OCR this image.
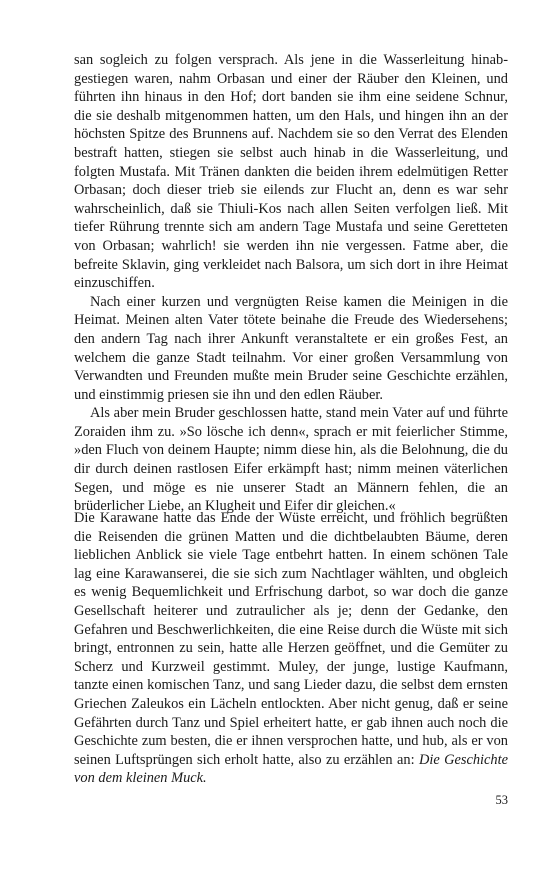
san sogleich zu folgen versprach. Als jene in die Wasserleitung hinabgestiegen waren, nahm Orbasan und einer der Räuber den Kleinen, und führten ihn hinaus in den Hof; dort banden sie ihm eine seidene Schnur, die sie deshalb mitgenommen hatten, um den Hals, und hingen ihn an der höchsten Spitze des Brunnens auf. Nachdem sie so den Verrat des Elenden bestraft hatten, stiegen sie selbst auch hinab in die Wasserleitung, und folgten Mustafa. Mit Tränen dankten die beiden ihrem edelmütigen Retter Orbasan; doch dieser trieb sie eilends zur Flucht an, denn es war sehr wahrscheinlich, daß sie Thiuli-Kos nach allen Seiten verfolgen ließ. Mit tiefer Rührung trennte sich am andern Tage Mustafa und seine Geretteten von Orbasan; wahrlich! sie werden ihn nie vergessen. Fatme aber, die befreite Sklavin, ging verkleidet nach Balsora, um sich dort in ihre Heimat einzuschiffen.

Nach einer kurzen und vergnügten Reise kamen die Meinigen in die Heimat. Meinen alten Vater tötete beinahe die Freude des Wiedersehens; den andern Tag nach ihrer Ankunft veranstaltete er ein großes Fest, an welchem die ganze Stadt teilnahm. Vor einer großen Versammlung von Verwandten und Freunden mußte mein Bruder seine Geschichte erzählen, und einstimmig priesen sie ihn und den edlen Räuber.

Als aber mein Bruder geschlossen hatte, stand mein Vater auf und führte Zoraiden ihm zu. »So lösche ich denn«, sprach er mit feierlicher Stimme, »den Fluch von deinem Haupte; nimm diese hin, als die Belohnung, die du dir durch deinen rastlosen Eifer erkämpft hast; nimm meinen väterlichen Segen, und möge es nie unserer Stadt an Männern fehlen, die an brüderlicher Liebe, an Klugheit und Eifer dir gleichen.«

Die Karawane hatte das Ende der Wüste erreicht, und fröhlich begrüßten die Reisenden die grünen Matten und die dichtbelaubten Bäume, deren lieblichen Anblick sie viele Tage entbehrt hatten. In einem schönen Tale lag eine Karawanserei, die sie sich zum Nachtlager wählten, und obgleich es wenig Bequemlichkeit und Erfrischung darbot, so war doch die ganze Gesellschaft heiterer und zutraulicher als je; denn der Gedanke, den Gefahren und Beschwerlichkeiten, die eine Reise durch die Wüste mit sich bringt, entronnen zu sein, hatte alle Herzen geöffnet, und die Gemüter zu Scherz und Kurzweil gestimmt. Muley, der junge, lustige Kaufmann, tanzte einen komischen Tanz, und sang Lieder dazu, die selbst dem ernsten Griechen Zaleukos ein Lächeln entlockten. Aber nicht genug, daß er seine Gefährten durch Tanz und Spiel erheitert hatte, er gab ihnen auch noch die Geschichte zum besten, die er ihnen versprochen hatte, und hub, als er von seinen Luftsprüngen sich erholt hatte, also zu erzählen an: Die Geschichte von dem kleinen Muck.

53
